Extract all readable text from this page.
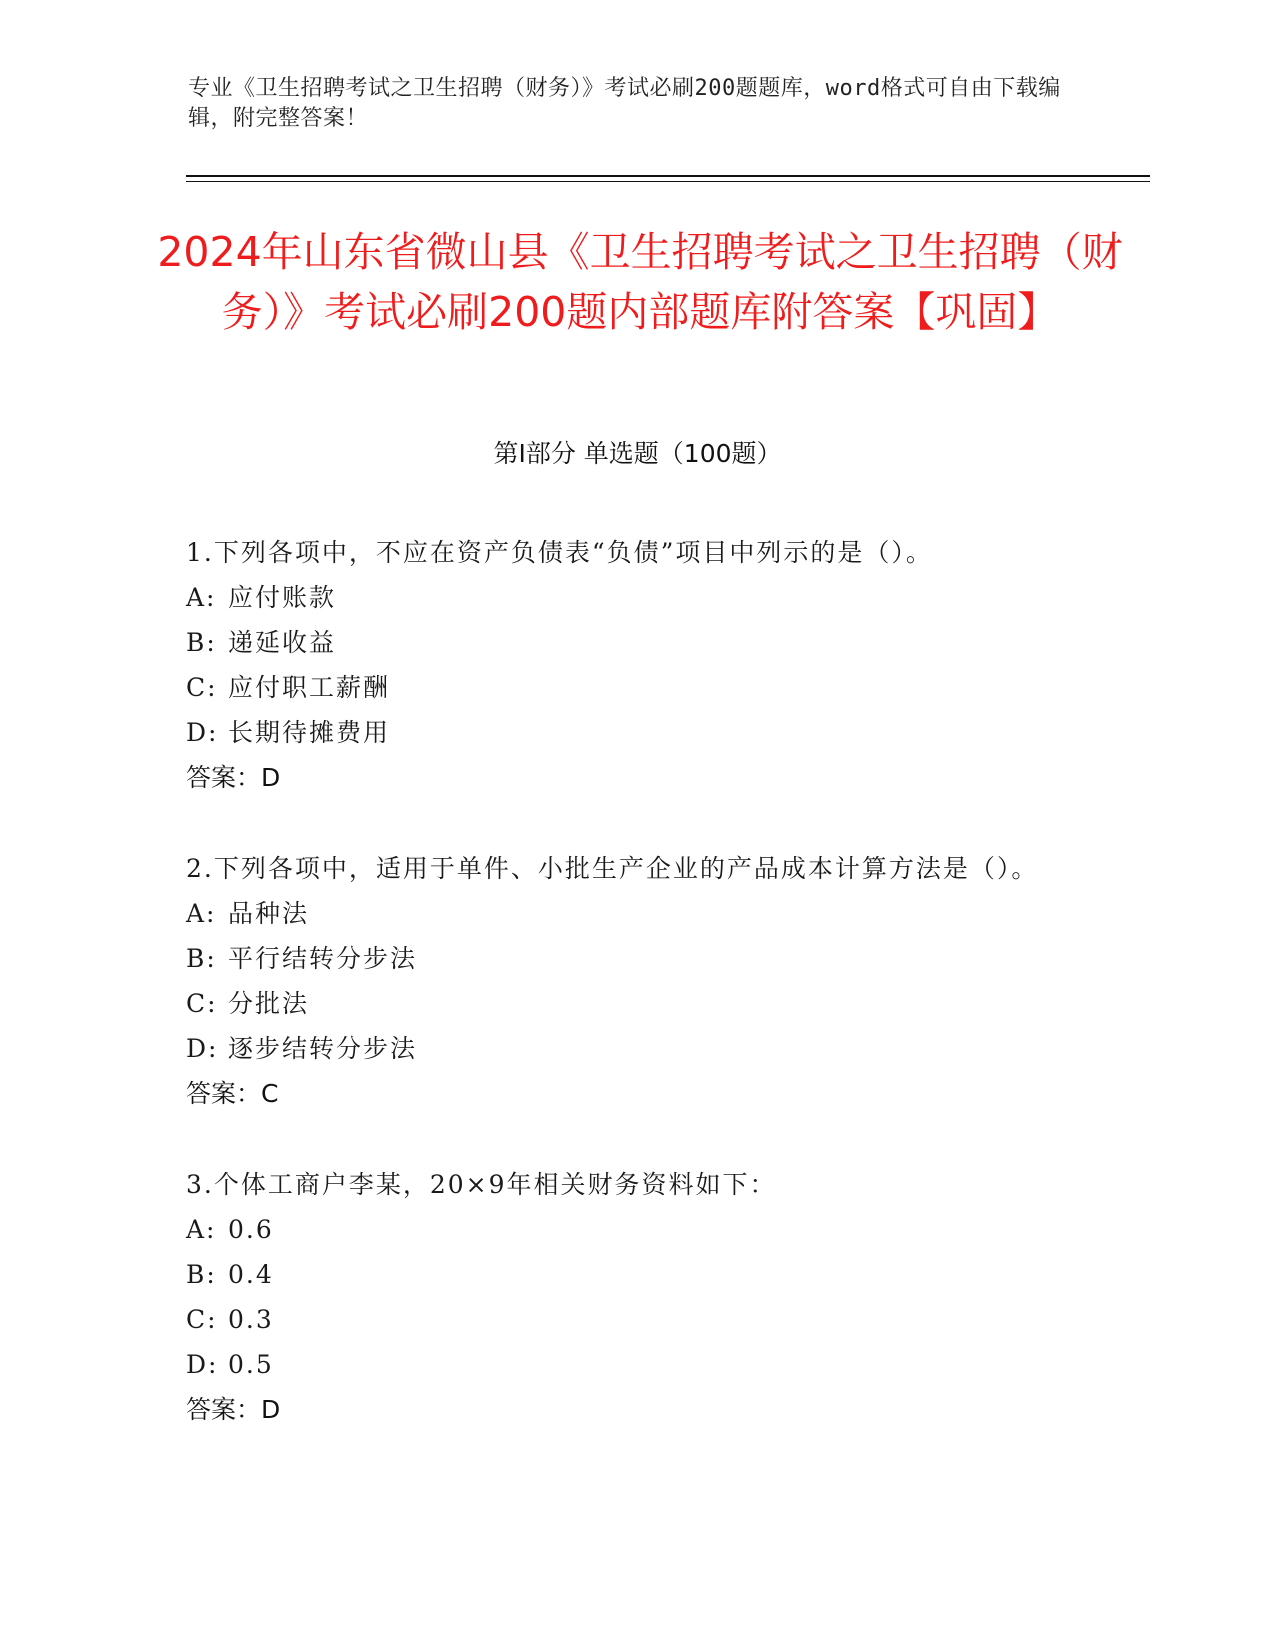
专业《卫生招聘考试之卫生招聘（财务）》考试必刷200题题库，word格式可自由下载编辑，附完整答案！
2024年山东省微山县《卫生招聘考试之卫生招聘（财务）》考试必刷200题内部题库附答案【巩固】
第I部分 单选题（100题）
1.下列各项中，不应在资产负债表“负债”项目中列示的是（）。
A: 应付账款
B: 递延收益
C: 应付职工薪酬
D: 长期待摊费用
答案：D
2.下列各项中，适用于单件、小批生产企业的产品成本计算方法是（）。
A: 品种法
B: 平行结转分步法
C: 分批法
D: 逐步结转分步法
答案：C
3.个体工商户李某，20×9年相关财务资料如下：
A: 0.6
B: 0.4
C: 0.3
D: 0.5
答案：D
